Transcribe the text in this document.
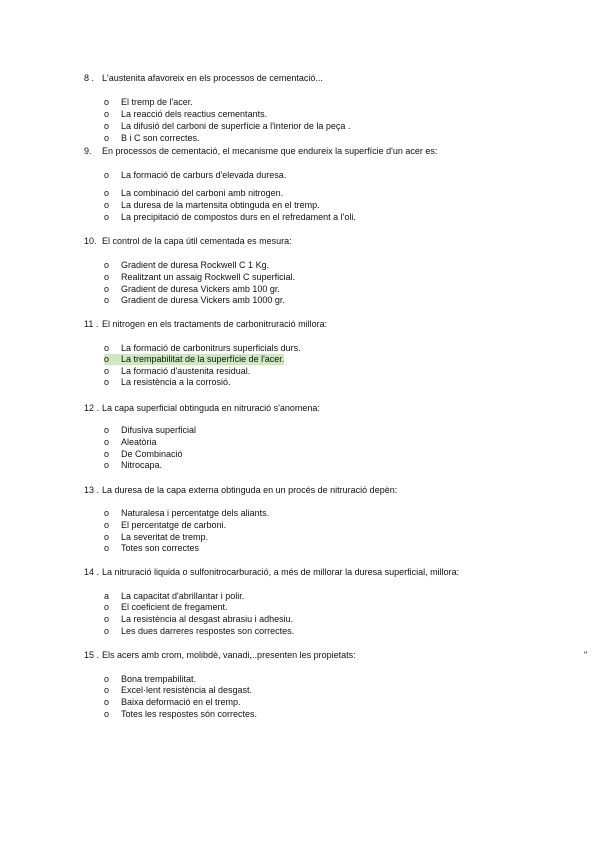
8 . L'austenita afavoreix en els processos de cementació...
o El tremp de l'acer.
o La reacció dels reactius cementants.
o La difusió del carboni de superfície a l'interior de la peça .
o B i C son correctes.
9. En processos de cementació, el mecanisme que endureix la superfície d'un acer es:
o La formació de carburs d'elevada duresa.
o La combinació del carboni amb nitrogen.
o La duresa de la martensita obtinguda en el tremp.
o La precipitació de compostos durs en el refredament a l'oli.
10. El control de la capa útil cementada es mesura:
o Gradient de duresa Rockwell C 1 Kg.
o Realitzant un assaig Rockwell C superficial.
o Gradient de duresa Vickers amb 100 gr.
o Gradient de duresa Vickers amb 1000 gr.
11 . El nitrogen en els tractaments de carbonitruració millora:
o La formació de carbonitrurs superficials durs.
o La trempabilitat de la superfície de l'acer.
o La formació d'austenita residual.
o La resistència a la corrosió.
12 . La capa superficial obtinguda en nitruració s'anomena:
o Difusiva superficial
o Aleatòria
o De Combinació
o Nitrocapa.
13 . La duresa de la capa externa obtinguda en un procés de nitruració depèn:
o Naturalesa i percentatge dels aliants.
o El percentatge de carboni.
o La severitat de tremp.
o Totes son correctes
14 . La nitruració liquida o sulfonitrocarburació, a més de millorar la duresa superficial, millora:
a La capacitat d'abrillantar i polir.
o El coeficient de fregament.
o La resistència al desgast abrasiu i adhesiu.
o Les dues darreres respostes son correctes.
15 . Els acers amb crom, molibdè, vanadi,..presenten les propietats:	"
o Bona trempabilitat.
o Excel·lent resistència al desgast.
o Baixa deformació en el tremp.
o Totes les respostes són correctes.
